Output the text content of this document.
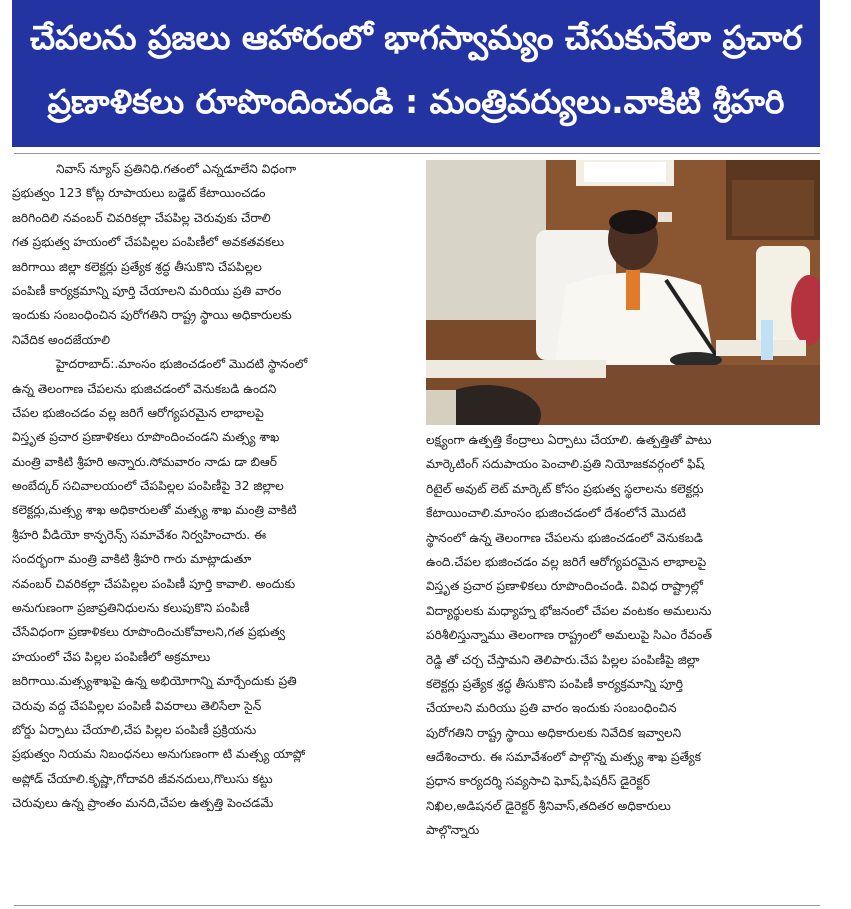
చేపలను ప్రజలు ఆహారంలో భాగస్వామ్యం చేసుకునేలా ప్రచార
ప్రణాళికలు రూపొందించండి : మంత్రివర్యులు.వాకిటి శ్రీహరి
నివాస్ న్యూస్ ప్రతినిధి.గతంలో ఎన్నడూలేని విధంగా
ప్రభుత్వం 123 కోట్ల రూపాయలు బడ్జెట్ కేటాయించడం
జరిగిందిలి నవంబర్ చివరికల్లా చేపపిల్ల చెరువుకు చేరాలి
గత ప్రభుత్వ హయంలో చేపపిల్లల పంపిణీలో అవకతవకలు
జరిగాయి జిల్లా కలెక్టర్లు ప్రత్యేక శ్రద్ధ తీసుకొని చేపపిల్లల
పంపిణీ కార్యక్రమాన్ని పూర్తి చేయాలని మరియు ప్రతి వారం
ఇందుకు సంబంధించిన పురోగతిని రాష్ట్ర స్థాయి అధికారులకు
నివేదిక అందజేయాలి
హైదరాబాద్:.మాంసం భుజించడంలో మొదటి స్థానంలో
ఉన్న తెలంగాణ చేపలను భుజిచడంలో వెనుకబడి ఉందని
చేపల భుజించడం వల్ల జరిగే ఆరోగ్యపరమైన లాభాలపై
విస్తృత ప్రచార ప్రణాళికలు రూపొందించండని మత్స్య శాఖ
మంత్రి వాకిటి శ్రీహరి అన్నారు.సోమవారం నాడు డా బిఆర్
అంబేద్కర్ సచివాలయంలో చేపపిల్లల పంపిణీపై 32 జిల్లాల
కలెక్టర్లు,మత్స్య శాఖ అధికారులతో మత్స్య శాఖ మంత్రి వాకిటి
శ్రీహరి వీడియో కాన్ఫరెన్స్ సమావేశం నిర్వహించారు. ఈ
సందర్భంగా మంత్రి వాకిటి శ్రీహరి గారు మాట్లాడుతూ
నవంబర్ చివరికల్లా చేపపిల్లల పంపిణీ పూర్తి కావాలి. అందుకు
అనుగుణంగా ప్రజాప్రతినిధులను కలుపుకొని పంపిణీ
చేసేవిధంగా ప్రణాళికలు రూపొందించుకోవాలని,గత ప్రభుత్వ
హయంలో చేప పిల్లల పంపిణీలో అక్రమాలు
జరిగాయి.మత్స్యశాఖపై ఉన్న అభియోగాన్ని మార్చేందుకు ప్రతి
చెరువు వద్ద చేపపిల్లల పంపిణీ వివరాలు తెలిసేలా సైన్
బోర్డు ఏర్పాటు చేయాలి,చేప పిల్లల పంపిణీ ప్రక్రియను
ప్రభుత్వం నియమ నిబంధనలు అనుగుణంగా టి మత్స్య యాప్లో
అప్లోడ్ చేయాలి.కృష్ణా,గోదావరి జీవనదులు,గొలుసు కట్టు
చెరువులు ఉన్న ప్రాంతం మనది,చేపల ఉత్పత్తి పెంచడమే
లక్ష్యంగా ఉత్పత్తి కేంద్రాలు ఏర్పాటు చేయాలి. ఉత్పత్తితో పాటు
మార్కెటింగ్ సదుపాయం పెంచాలి.ప్రతి నియోజకవర్గంలో ఫిష్
రిటైల్ అవుట్ లెట్ మార్కెట్ కోసం ప్రభుత్వ స్థలాలను కలెక్టర్లు
కేటాయించాలి.మాంసం భుజించడంలో దేశంలోనే మొదటి
స్థానంలో ఉన్న తెలంగాణ చేపలను భుజించడంలో వెనుకబడి
ఉంది.చేపల భుజించడం వల్ల జరిగే ఆరోగ్యపరమైన లాభాలపై
విస్తృత ప్రచార ప్రణాళికలు రూపొందించండి. వివిధ రాష్ట్రాల్లో
విద్యార్థులకు మధ్యాహ్న భోజనంలో చేపల వంటకం అమలును
పరిశీలిస్తున్నాము తెలంగాణ రాష్ట్రంలో అమలుపై సిఎం రేవంత్
రెడ్డి తో చర్చ చేస్తామని తెలిపారు.చేప పిల్లల పంపిణీపై జిల్లా
కలెక్టర్లు ప్రత్యేక శ్రద్ధ తీసుకొని పంపిణీ కార్యక్రమాన్ని పూర్తి
చేయాలని మరియు ప్రతి వారం ఇందుకు సంబంధించిన
పురోగతిని రాష్ట్ర స్థాయి అధికారులకు నివేదిక ఇవ్వాలని
ఆదేశించారు. ఈ సమావేశంలో పాల్గొన్న మత్స్య శాఖ ప్రత్యేక
ప్రధాన కార్యదర్శి సవ్యసాచి ఘోష్,ఫిషరీస్ డైరెక్టర్
నిఖిల,అడిషనల్ డైరెక్టర్ శ్రీనివాస్,తదితర అధికారులు
పాల్గొన్నారు
